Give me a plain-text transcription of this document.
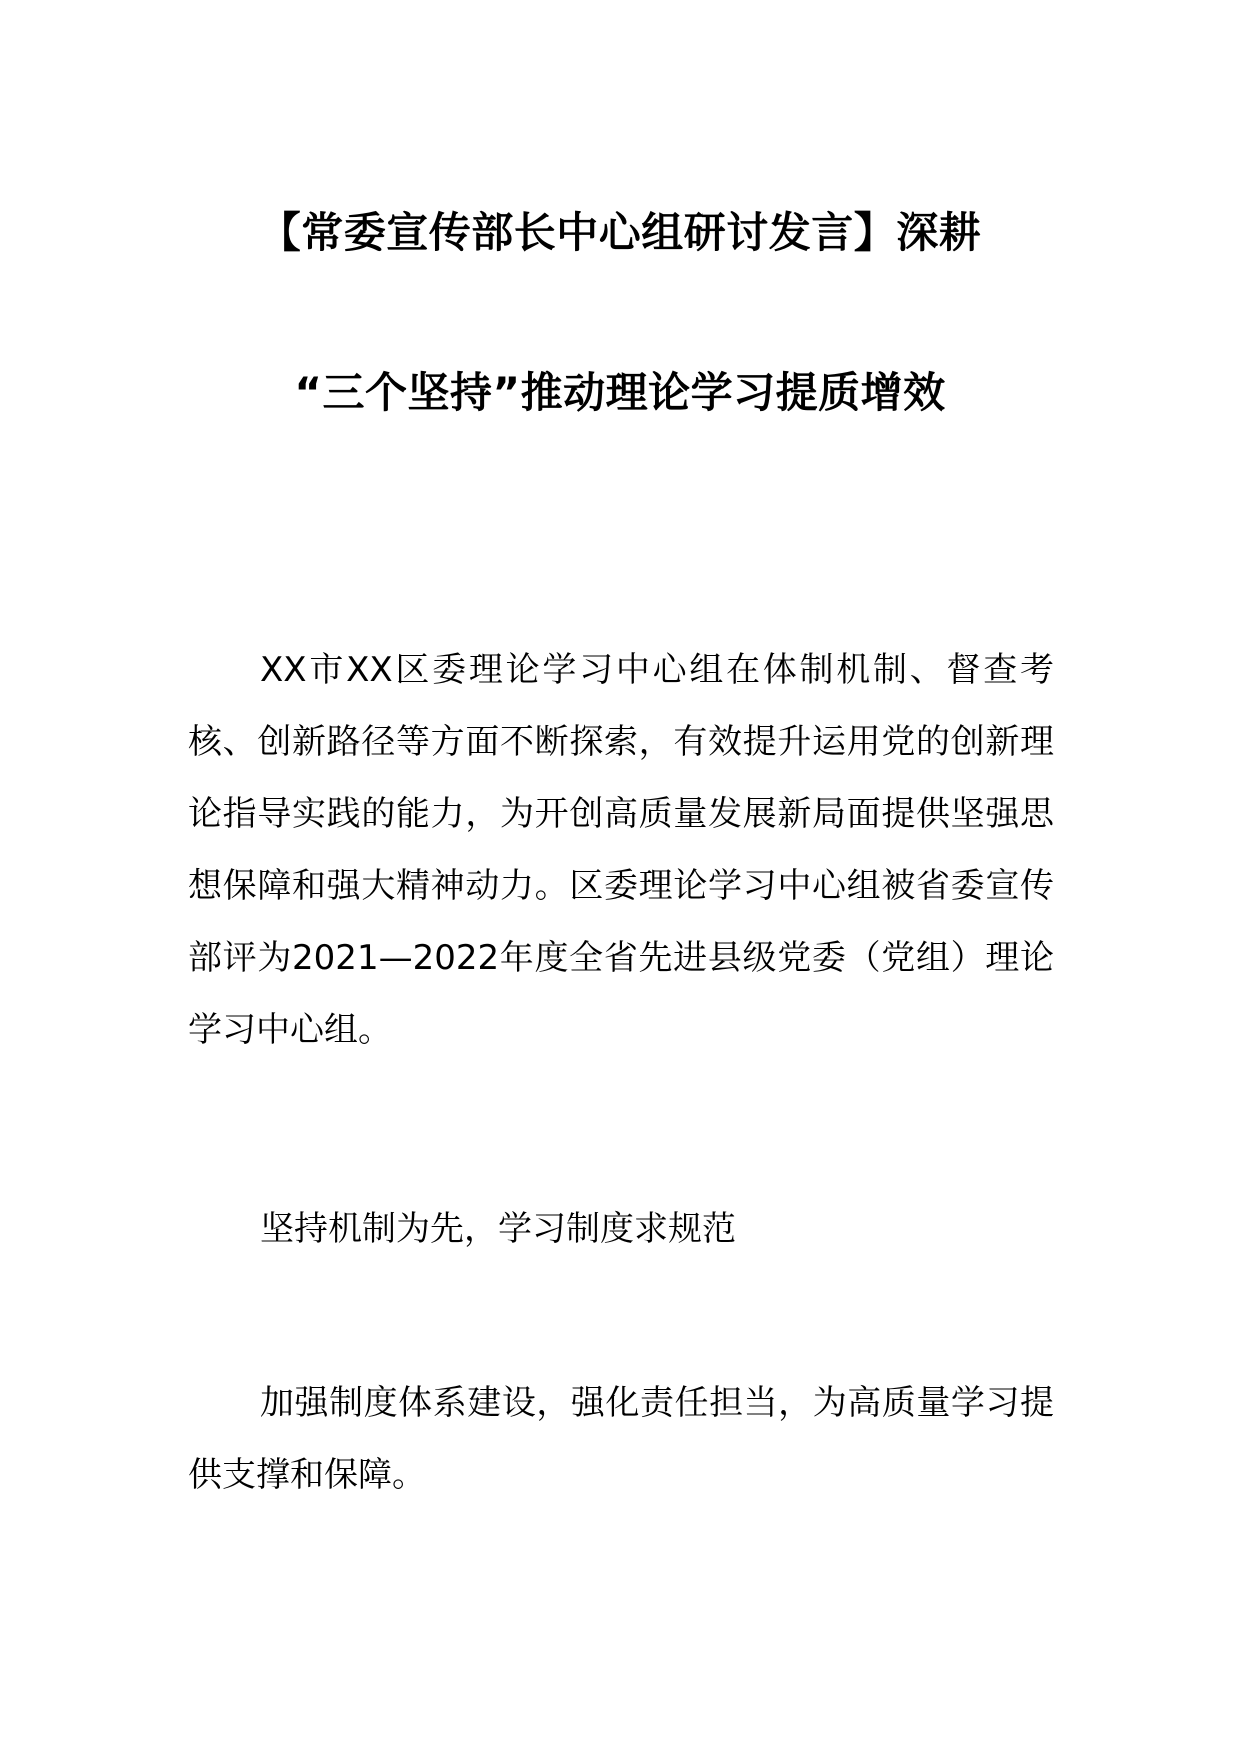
【常委宣传部长中心组研讨发言】深耕
“三个坚持”推动理论学习提质增效

XX市XX区委理论学习中心组在体制机制、督查考核、创新路径等方面不断探索，有效提升运用党的创新理论指导实践的能力，为开创高质量发展新局面提供坚强思想保障和强大精神动力。区委理论学习中心组被省委宣传部评为2021—2022年度全省先进县级党委（党组）理论学习中心组。

坚持机制为先，学习制度求规范

加强制度体系建设，强化责任担当，为高质量学习提供支撑和保障。
